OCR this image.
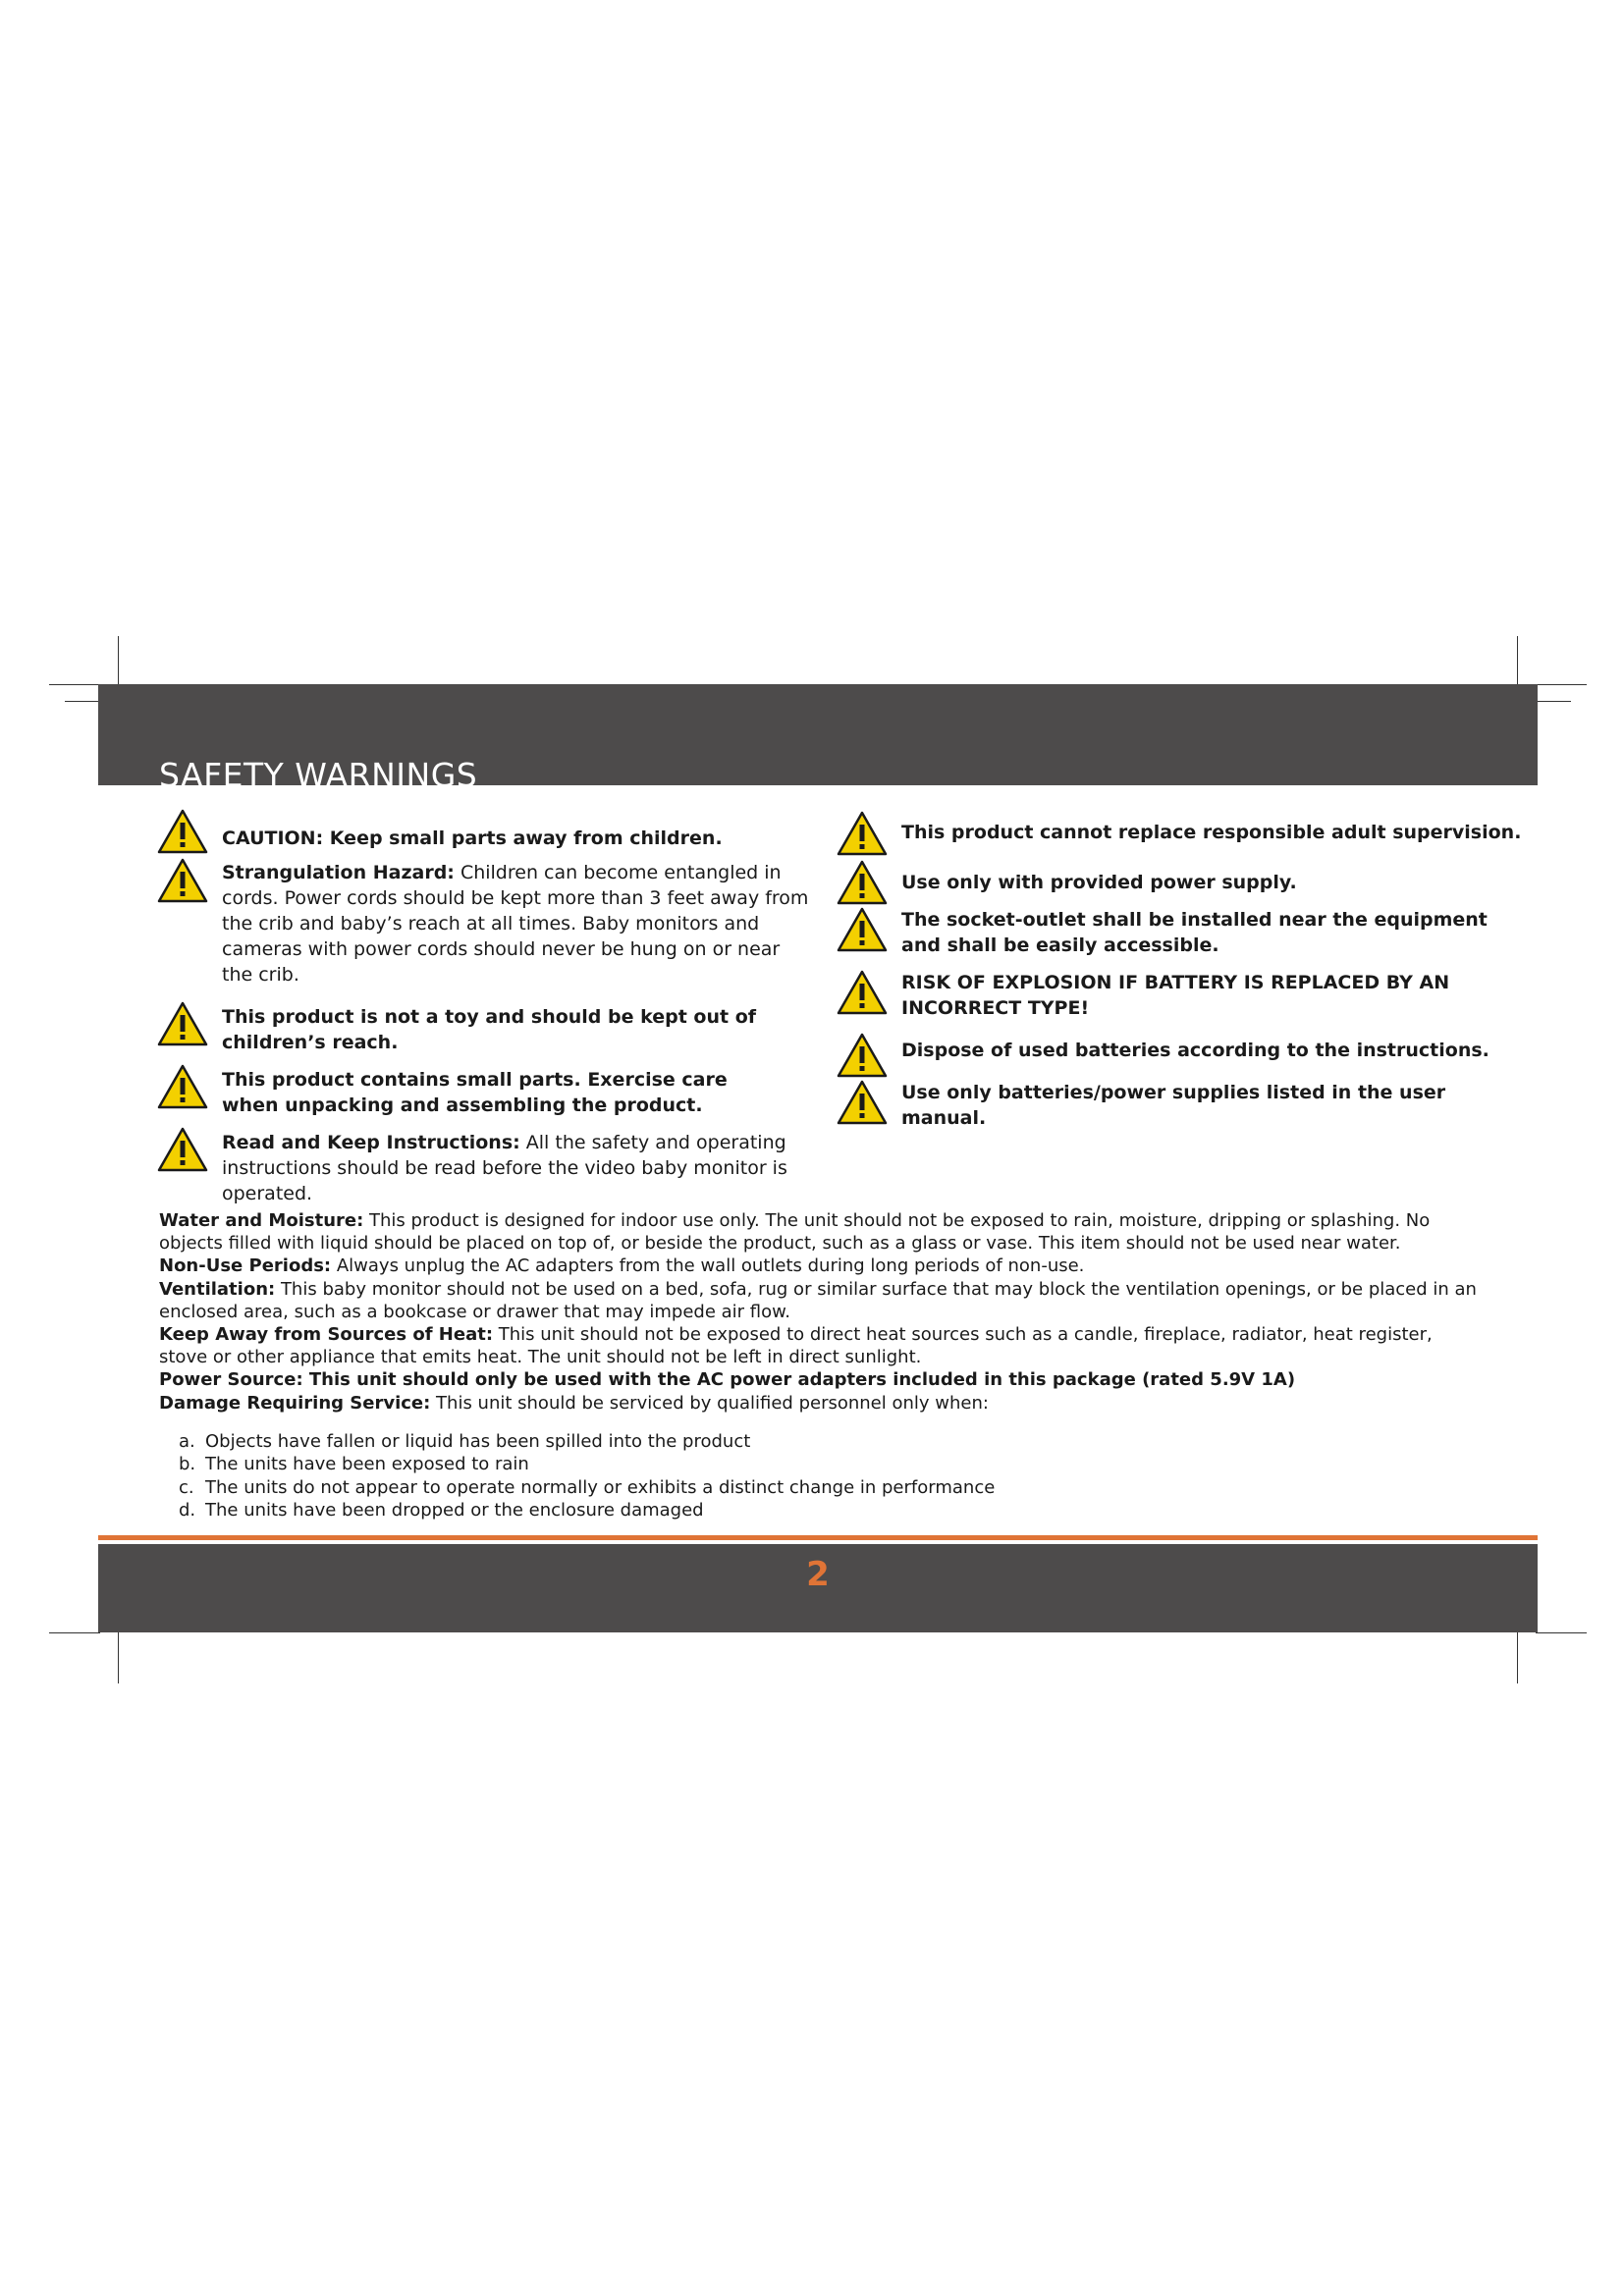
SAFETY WARNINGS
CAUTION: Keep small parts away from children.
Strangulation Hazard: Children can become entangled in cords. Power cords should be kept more than 3 feet away from the crib and baby’s reach at all times. Baby monitors and cameras with power cords should never be hung on or near the crib.
This product is not a toy and should be kept out of children’s reach.
This product contains small parts. Exercise care when unpacking and assembling the product.
Read and Keep Instructions: All the safety and operating instructions should be read before the video baby monitor is operated.
This product cannot replace responsible adult supervision.
Use only with provided power supply.
The socket-outlet shall be installed near the equipment and shall be easily accessible.
RISK OF EXPLOSION IF BATTERY IS REPLACED BY AN INCORRECT TYPE!
Dispose of used batteries according to the instructions.
Use only batteries/power supplies listed in the user manual.

Water and Moisture: This product is designed for indoor use only. The unit should not be exposed to rain, moisture, dripping or splashing. No objects filled with liquid should be placed on top of, or beside the product, such as a glass or vase. This item should not be used near water.

Non-Use Periods: Always unplug the AC adapters from the wall outlets during long periods of non-use.

Ventilation: This baby monitor should not be used on a bed, sofa, rug or similar surface that may block the ventilation openings, or be placed in an enclosed area, such as a bookcase or drawer that may impede air flow.

Keep Away from Sources of Heat: This unit should not be exposed to direct heat sources such as a candle, fireplace, radiator, heat register, stove or other appliance that emits heat. The unit should not be left in direct sunlight.

Power Source: This unit should only be used with the AC power adapters included in this package (rated 5.9V 1A)

Damage Requiring Service: This unit should be serviced by qualified personnel only when:

a. Objects have fallen or liquid has been spilled into the product
b. The units have been exposed to rain
c. The units do not appear to operate normally or exhibits a distinct change in performance
d. The units have been dropped or the enclosure damaged
2
